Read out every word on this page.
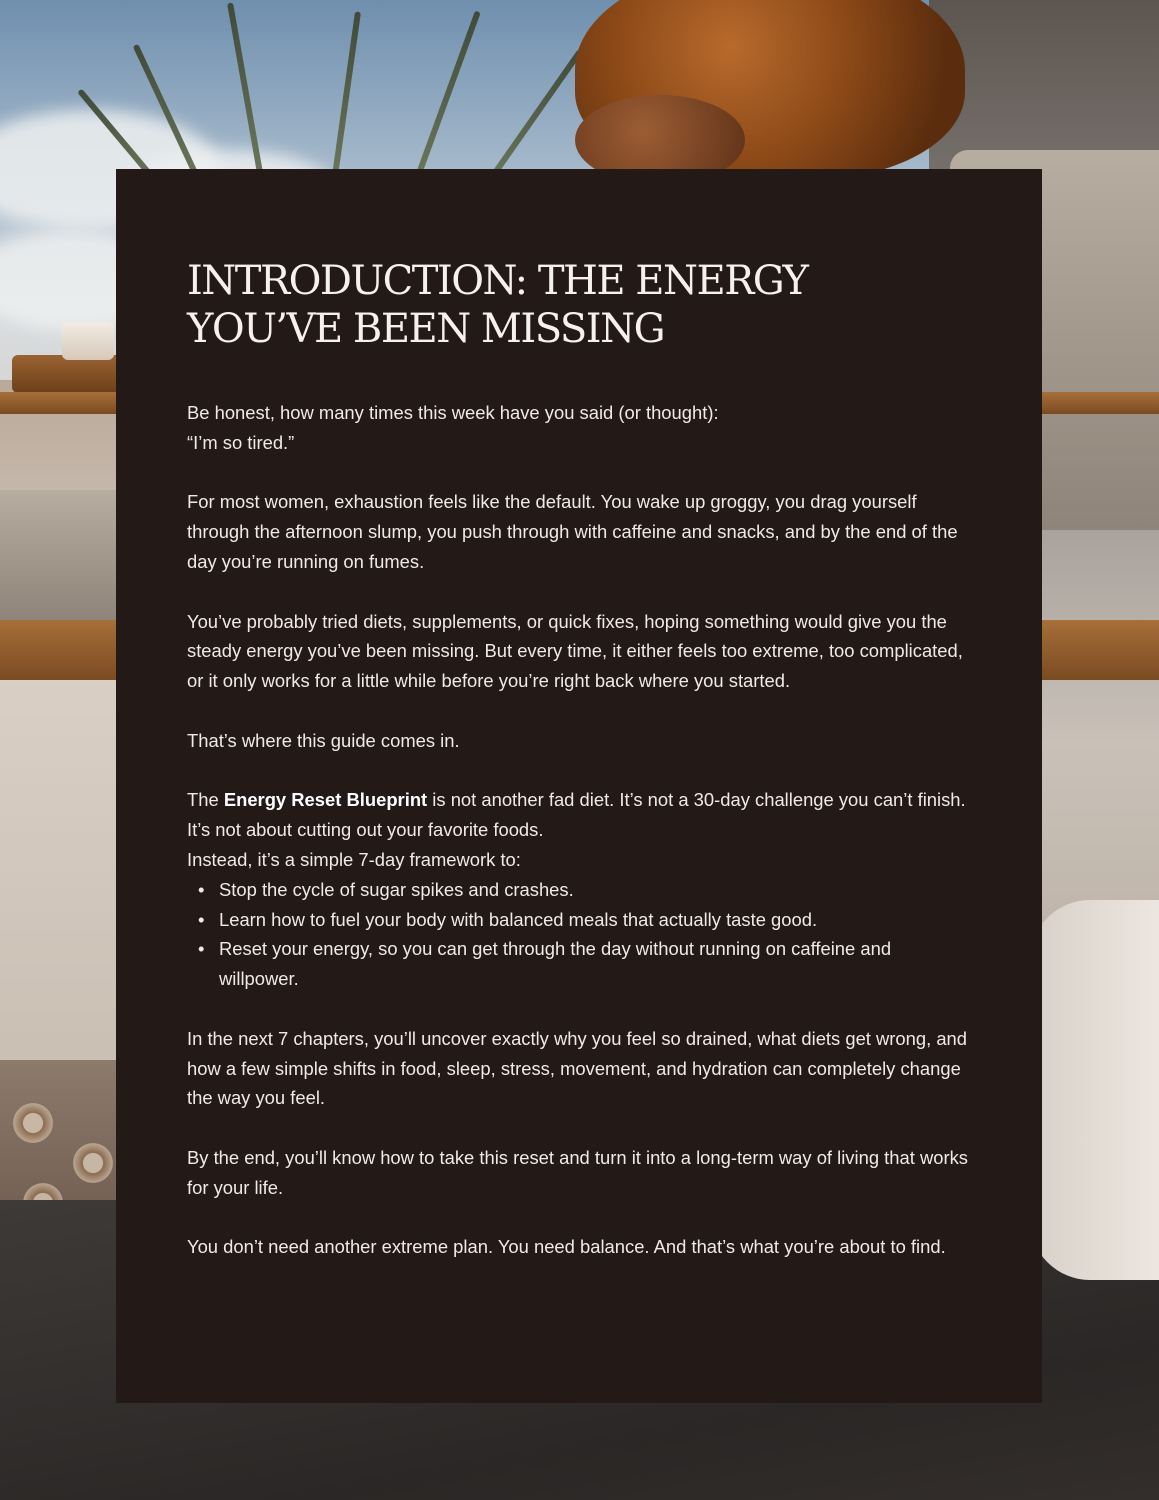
INTRODUCTION: THE ENERGY YOU’VE BEEN MISSING

Be honest, how many times this week have you said (or thought):

“I’m so tired.”

For most women, exhaustion feels like the default. You wake up groggy, you drag yourself through the afternoon slump, you push through with caffeine and snacks, and by the end of the day you’re running on fumes.

You’ve probably tried diets, supplements, or quick fixes, hoping something would give you the steady energy you’ve been missing. But every time, it either feels too extreme, too complicated, or it only works for a little while before you’re right back where you started.

That’s where this guide comes in.

The Energy Reset Blueprint is not another fad diet. It’s not a 30-day challenge you can’t finish. It’s not about cutting out your favorite foods.

Instead, it’s a simple 7-day framework to:

• Stop the cycle of sugar spikes and crashes.
• Learn how to fuel your body with balanced meals that actually taste good.
• Reset your energy, so you can get through the day without running on caffeine and willpower.

In the next 7 chapters, you’ll uncover exactly why you feel so drained, what diets get wrong, and how a few simple shifts in food, sleep, stress, movement, and hydration can completely change the way you feel.

By the end, you’ll know how to take this reset and turn it into a long-term way of living that works for your life.

You don’t need another extreme plan. You need balance. And that’s what you’re about to find.
